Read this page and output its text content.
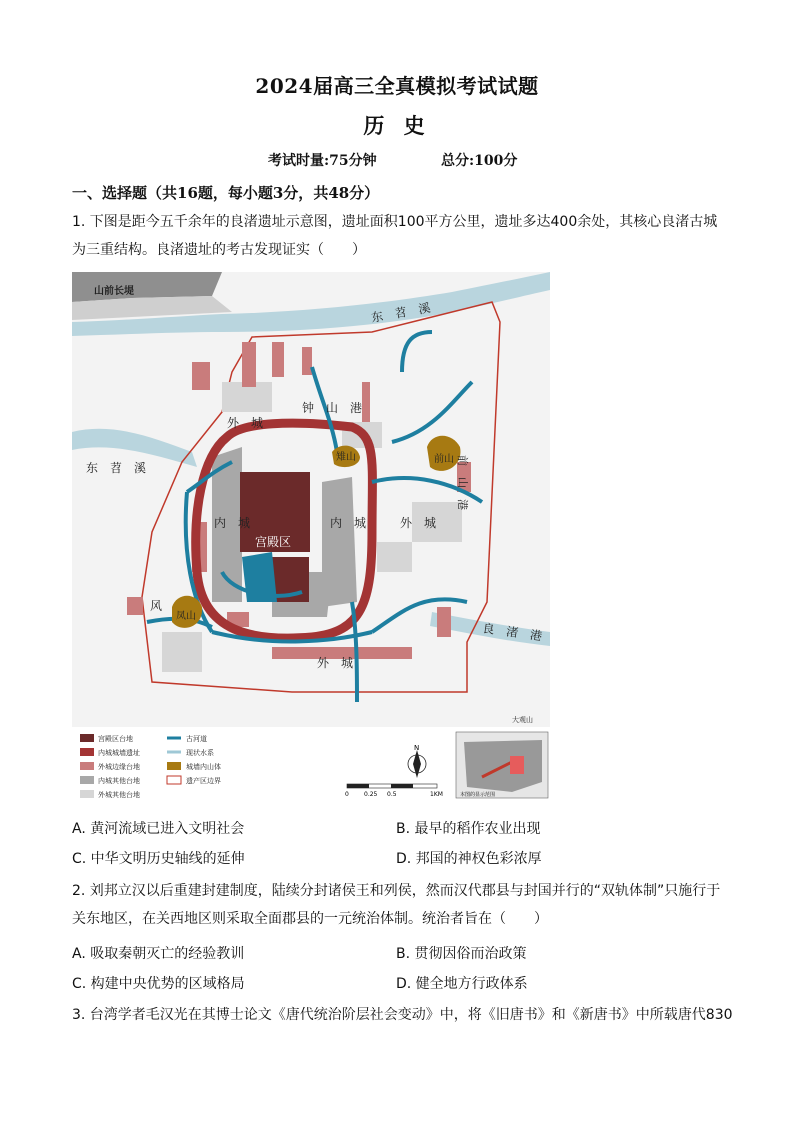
2024届高三全真模拟考试试题
历 史
考试时量:75分钟	总分:100分
一、选择题（共16题，每小题3分，共48分）
1. 下图是距今五千余年的良渚遗址示意图，遗址面积100平方公里，遗址多达400余处，其核心良渚古城为三重结构。良渚遗址的考古发现证实（　　）
山前长堤
东　苕　溪
东　苕　溪
外　城
钟　山　港
内　城	内　城	外　城
宫殿区
良　渚　港
外　城
风
凤山
雉山	前山 前　山　港
大观山
宫殿区台地
内城城墙遗址
外城边缘台地
内城其他台地
外城其他台地
古河道
现状水系
城墙内山体
遗产区边界
N
0	0.25 0.5	1KM	本图的显示范围
A. 黄河流域已进入文明社会	B. 最早的稻作农业出现
C. 中华文明历史轴线的延伸	D. 邦国的神权色彩浓厚
2. 刘邦立汉以后重建封建制度，陆续分封诸侯王和列侯，然而汉代郡县与封国并行的“双轨体制”只施行于关东地区，在关西地区则采取全面郡县的一元统治体制。统治者旨在（　　）
A. 吸取秦朝灭亡的经验教训	B. 贯彻因俗而治政策
C. 构建中央优势的区域格局	D. 健全地方行政体系
3. 台湾学者毛汉光在其博士论文《唐代统治阶层社会变动》中，将《旧唐书》和《新唐书》中所载唐代830
